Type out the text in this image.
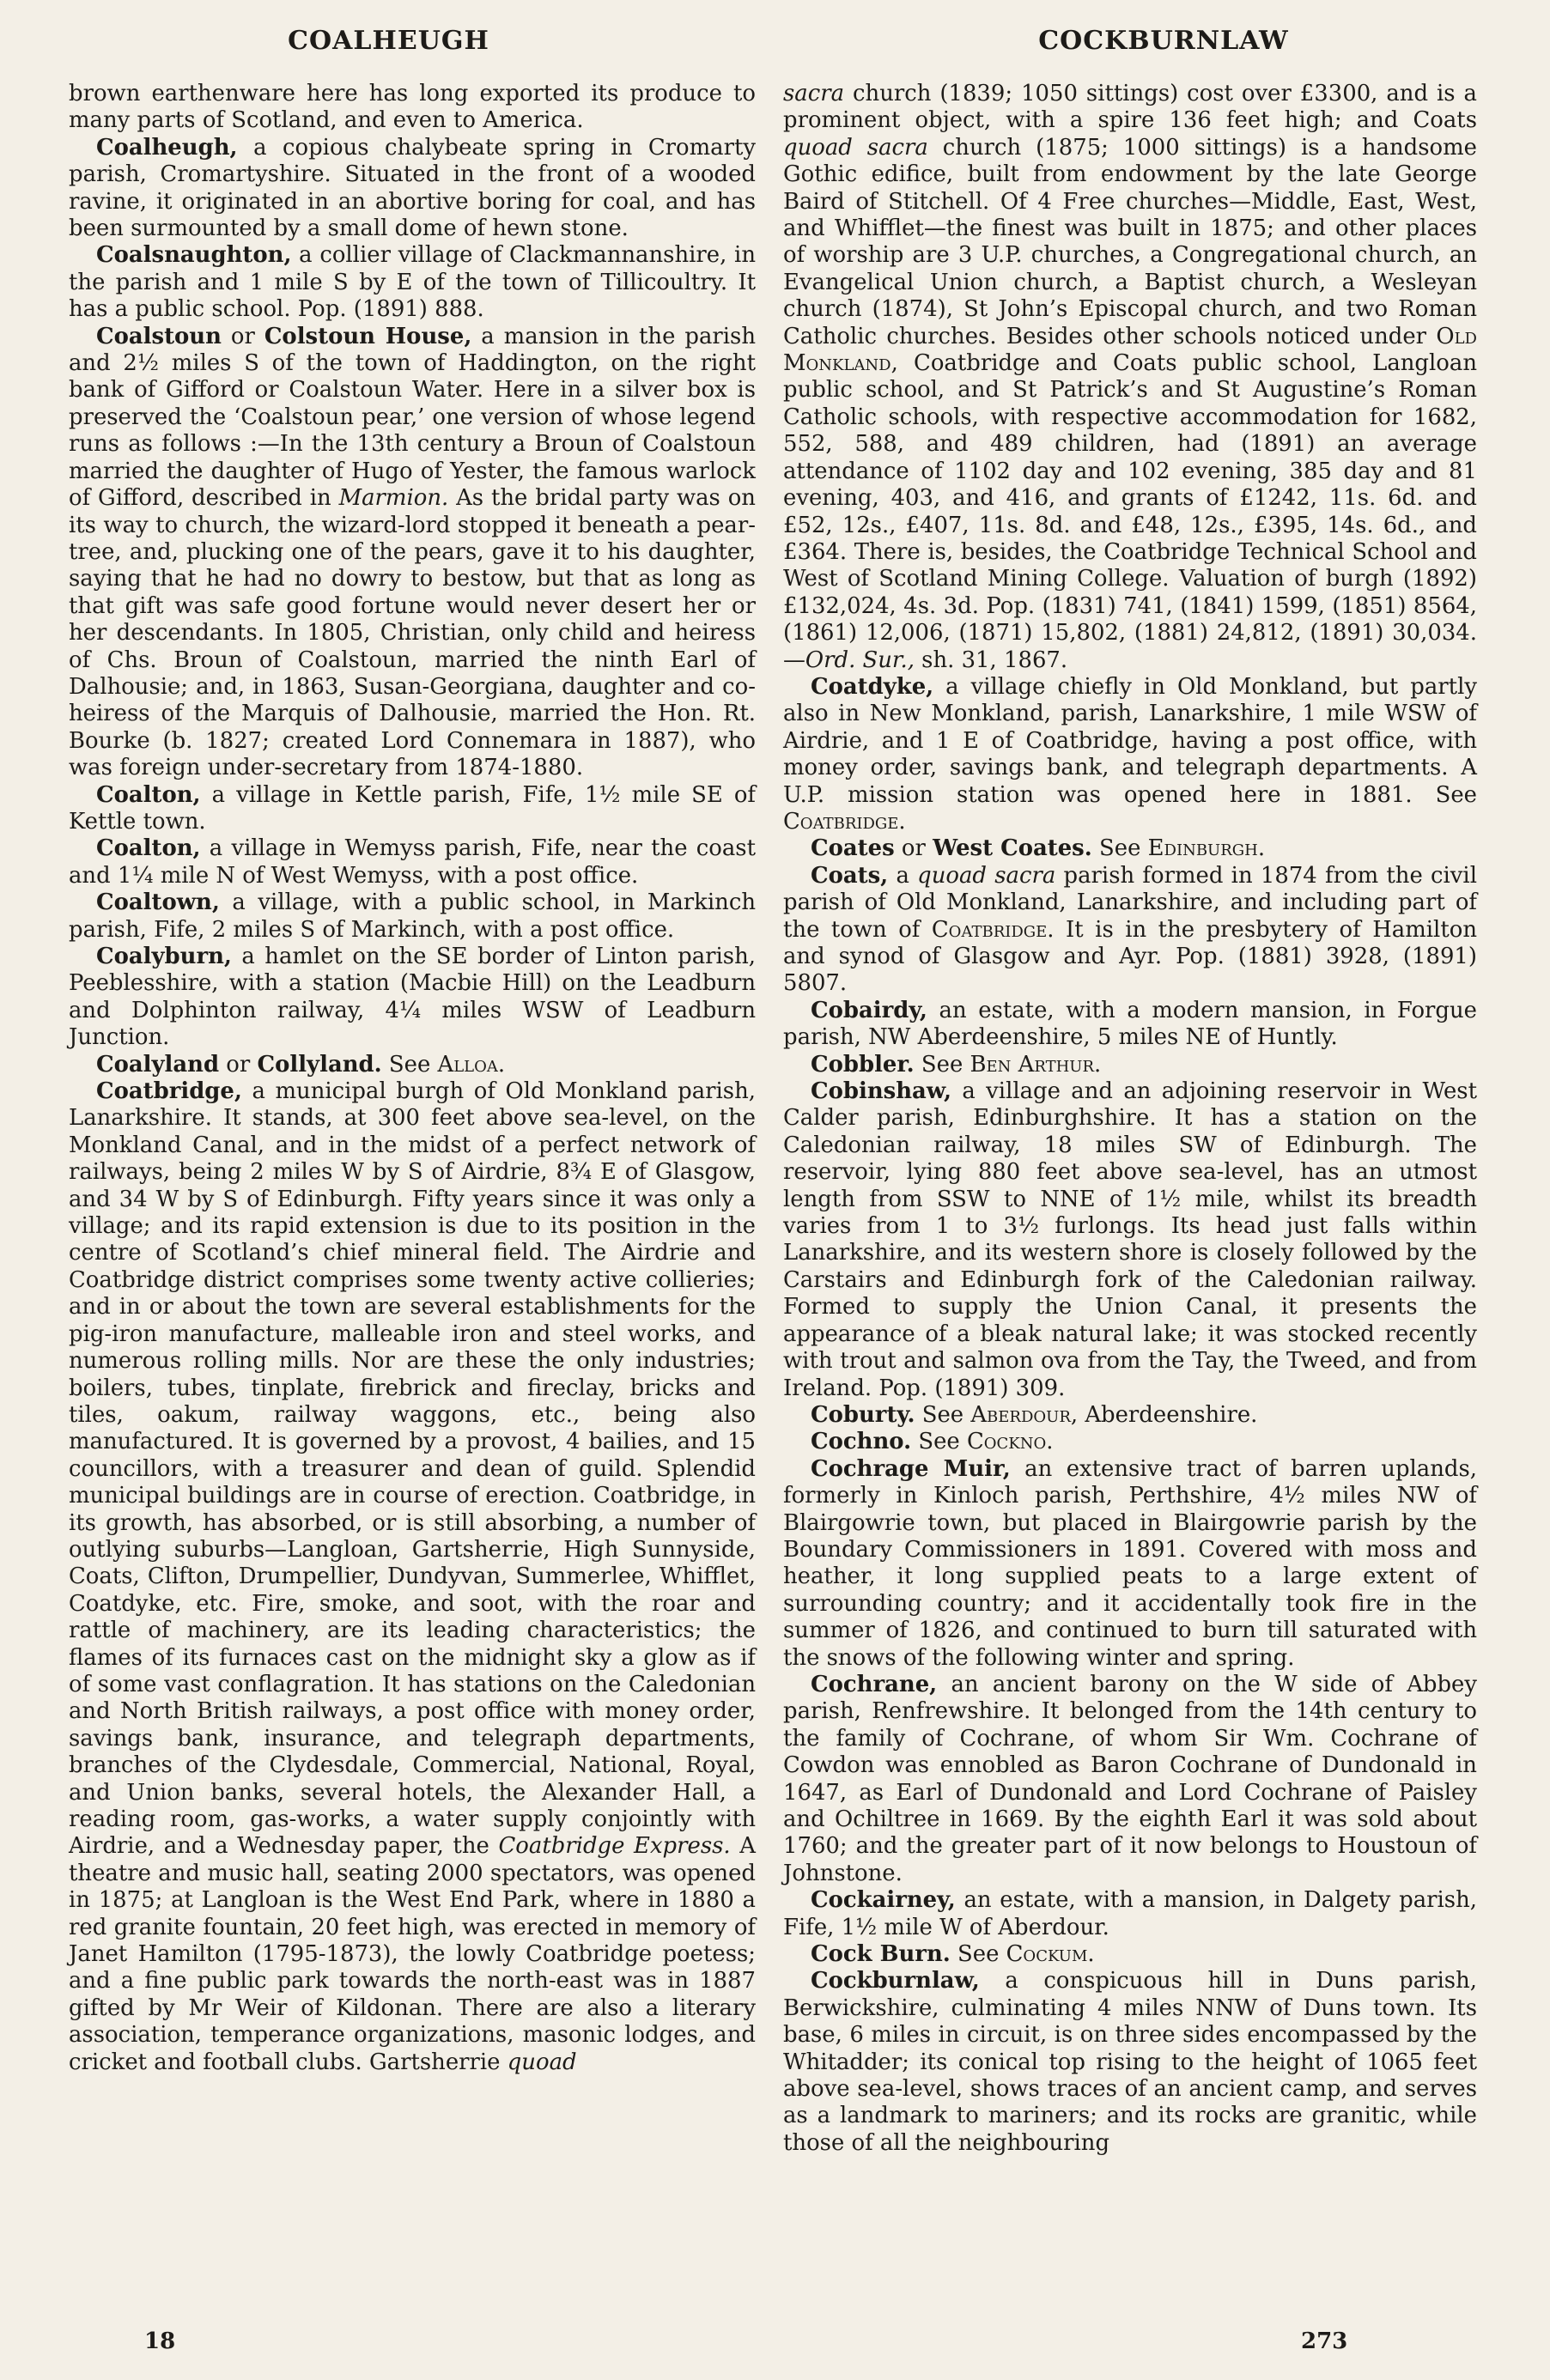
COALHEUGH	COCKBURNLAW

brown earthenware here has long exported its produce to many parts of Scotland, and even to America.

Coalheugh, a copious chalybeate spring in Cromarty parish, Cromartyshire. Situated in the front of a wooded ravine, it originated in an abortive boring for coal, and has been surmounted by a small dome of hewn stone.

Coalsnaughton, a collier village of Clackmannanshire, in the parish and 1 mile S by E of the town of Tillicoultry. It has a public school. Pop. (1891) 888.

Coalstoun or Colstoun House, a mansion in the parish and 2½ miles S of the town of Haddington, on the right bank of Gifford or Coalstoun Water. Here in a silver box is preserved the ‘Coalstoun pear,’ one version of whose legend runs as follows :—In the 13th century a Broun of Coalstoun married the daughter of Hugo of Yester, the famous warlock of Gifford, described in Marmion. As the bridal party was on its way to church, the wizard-lord stopped it beneath a pear-tree, and, plucking one of the pears, gave it to his daughter, saying that he had no dowry to bestow, but that as long as that gift was safe good fortune would never desert her or her descendants. In 1805, Christian, only child and heiress of Chs. Broun of Coalstoun, married the ninth Earl of Dalhousie; and, in 1863, Susan-Georgiana, daughter and co-heiress of the Marquis of Dalhousie, married the Hon. Rt. Bourke (b. 1827; created Lord Connemara in 1887), who was foreign under-secretary from 1874-1880.

Coalton, a village in Kettle parish, Fife, 1½ mile SE of Kettle town.

Coalton, a village in Wemyss parish, Fife, near the coast and 1¼ mile N of West Wemyss, with a post office.

Coaltown, a village, with a public school, in Markinch parish, Fife, 2 miles S of Markinch, with a post office.

Coalyburn, a hamlet on the SE border of Linton parish, Peeblesshire, with a station (Macbie Hill) on the Leadburn and Dolphinton railway, 4¼ miles WSW of Leadburn Junction.

Coalyland or Collyland. See Alloa.

Coatbridge, a municipal burgh of Old Monkland parish, Lanarkshire. It stands, at 300 feet above sea-level, on the Monkland Canal, and in the midst of a perfect network of railways, being 2 miles W by S of Airdrie, 8¾ E of Glasgow, and 34 W by S of Edinburgh. Fifty years since it was only a village; and its rapid extension is due to its position in the centre of Scotland’s chief mineral field. The Airdrie and Coatbridge district comprises some twenty active collieries; and in or about the town are several establishments for the pig-iron manufacture, malleable iron and steel works, and numerous rolling mills. Nor are these the only industries; boilers, tubes, tinplate, firebrick and fireclay, bricks and tiles, oakum, railway waggons, etc., being also manufactured. It is governed by a provost, 4 bailies, and 15 councillors, with a treasurer and dean of guild. Splendid municipal buildings are in course of erection. Coatbridge, in its growth, has absorbed, or is still absorbing, a number of outlying suburbs—Langloan, Gartsherrie, High Sunnyside, Coats, Clifton, Drumpellier, Dundyvan, Summerlee, Whifflet, Coatdyke, etc. Fire, smoke, and soot, with the roar and rattle of machinery, are its leading characteristics; the flames of its furnaces cast on the midnight sky a glow as if of some vast conflagration. It has stations on the Caledonian and North British railways, a post office with money order, savings bank, insurance, and telegraph departments, branches of the Clydesdale, Commercial, National, Royal, and Union banks, several hotels, the Alexander Hall, a reading room, gas-works, a water supply conjointly with Airdrie, and a Wednesday paper, the Coatbridge Express. A theatre and music hall, seating 2000 spectators, was opened in 1875; at Langloan is the West End Park, where in 1880 a red granite fountain, 20 feet high, was erected in memory of Janet Hamilton (1795-1873), the lowly Coatbridge poetess; and a fine public park towards the north-east was in 1887 gifted by Mr Weir of Kildonan. There are also a literary association, temperance organizations, masonic lodges, and cricket and football clubs. Gartsherrie quoad

sacra church (1839; 1050 sittings) cost over £3300, and is a prominent object, with a spire 136 feet high; and Coats quoad sacra church (1875; 1000 sittings) is a handsome Gothic edifice, built from endowment by the late George Baird of Stitchell. Of 4 Free churches—Middle, East, West, and Whifflet—the finest was built in 1875; and other places of worship are 3 U.P. churches, a Congregational church, an Evangelical Union church, a Baptist church, a Wesleyan church (1874), St John’s Episcopal church, and two Roman Catholic churches. Besides other schools noticed under Old Monkland, Coatbridge and Coats public school, Langloan public school, and St Patrick’s and St Augustine’s Roman Catholic schools, with respective accommodation for 1682, 552, 588, and 489 children, had (1891) an average attendance of 1102 day and 102 evening, 385 day and 81 evening, 403, and 416, and grants of £1242, 11s. 6d. and £52, 12s., £407, 11s. 8d. and £48, 12s., £395, 14s. 6d., and £364. There is, besides, the Coatbridge Technical School and West of Scotland Mining College. Valuation of burgh (1892) £132,024, 4s. 3d. Pop. (1831) 741, (1841) 1599, (1851) 8564, (1861) 12,006, (1871) 15,802, (1881) 24,812, (1891) 30,034.—Ord. Sur., sh. 31, 1867.

Coatdyke, a village chiefly in Old Monkland, but partly also in New Monkland, parish, Lanarkshire, 1 mile WSW of Airdrie, and 1 E of Coatbridge, having a post office, with money order, savings bank, and telegraph departments. A U.P. mission station was opened here in 1881. See Coatbridge.

Coates or West Coates. See Edinburgh.

Coats, a quoad sacra parish formed in 1874 from the civil parish of Old Monkland, Lanarkshire, and including part of the town of Coatbridge. It is in the presbytery of Hamilton and synod of Glasgow and Ayr. Pop. (1881) 3928, (1891) 5807.

Cobairdy, an estate, with a modern mansion, in Forgue parish, NW Aberdeenshire, 5 miles NE of Huntly.

Cobbler. See Ben Arthur.

Cobinshaw, a village and an adjoining reservoir in West Calder parish, Edinburghshire. It has a station on the Caledonian railway, 18 miles SW of Edinburgh. The reservoir, lying 880 feet above sea-level, has an utmost length from SSW to NNE of 1½ mile, whilst its breadth varies from 1 to 3½ furlongs. Its head just falls within Lanarkshire, and its western shore is closely followed by the Carstairs and Edinburgh fork of the Caledonian railway. Formed to supply the Union Canal, it presents the appearance of a bleak natural lake; it was stocked recently with trout and salmon ova from the Tay, the Tweed, and from Ireland. Pop. (1891) 309.

Coburty. See Aberdour, Aberdeenshire.

Cochno. See Cockno.

Cochrage Muir, an extensive tract of barren uplands, formerly in Kinloch parish, Perthshire, 4½ miles NW of Blairgowrie town, but placed in Blairgowrie parish by the Boundary Commissioners in 1891. Covered with moss and heather, it long supplied peats to a large extent of surrounding country; and it accidentally took fire in the summer of 1826, and continued to burn till saturated with the snows of the following winter and spring.

Cochrane, an ancient barony on the W side of Abbey parish, Renfrewshire. It belonged from the 14th century to the family of Cochrane, of whom Sir Wm. Cochrane of Cowdon was ennobled as Baron Cochrane of Dundonald in 1647, as Earl of Dundonald and Lord Cochrane of Paisley and Ochiltree in 1669. By the eighth Earl it was sold about 1760; and the greater part of it now belongs to Houstoun of Johnstone.

Cockairney, an estate, with a mansion, in Dalgety parish, Fife, 1½ mile W of Aberdour.

Cock Burn. See Cockum.

Cockburnlaw, a conspicuous hill in Duns parish, Berwickshire, culminating 4 miles NNW of Duns town. Its base, 6 miles in circuit, is on three sides encompassed by the Whitadder; its conical top rising to the height of 1065 feet above sea-level, shows traces of an ancient camp, and serves as a landmark to mariners; and its rocks are granitic, while those of all the neighbouring

18	273
